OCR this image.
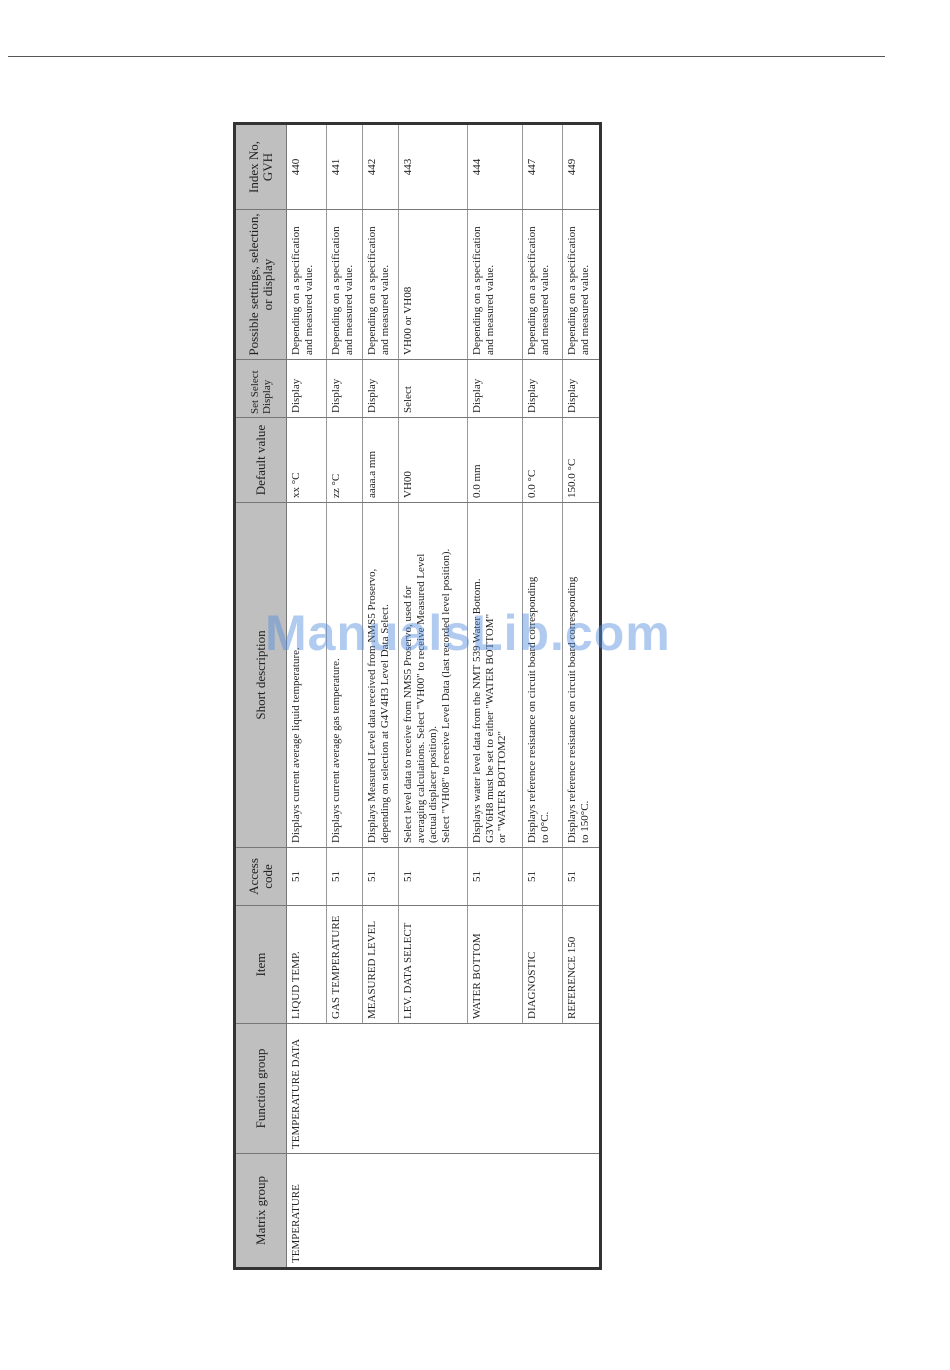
Matrix group	Function group	Item	Access code	Short description	Default value	Set Select Display	Possible settings, selection, or display	Index No, GVH
TEMPERATURE	TEMPERATURE DATA	LIQUD TEMP.	51	Displays current average liquid temperature.	xx °C	Display	Depending on a specification and measured value.	440
		GAS TEMPERATURE	51	Displays current average gas temperature.	zz °C	Display	Depending on a specification and measured value.	441
		MEASURED LEVEL	51	Displays Measured Level data received from NMS5 Proservo, depending on selection at G4V4H3 Level Data Select.	aaaa.a mm	Display	Depending on a specification and measured value.	442
		LEV. DATA SELECT	51	Select level data to receive from NMS5 Proservo, used for averaging calculations. Select "VH00" to receive Measured Level (actual displacer position). Select "VH08" to receive Level Data (last recorded level position).	VH00	Select	VH00 or VH08	443
		WATER BOTTOM	51	Displays water level data from the NMT 539 Water Bottom. G3V6H8 must be set to either "WATER BOTTOM" or "WATER BOTTOM2"	0.0 mm	Display	Depending on a specification and measured value.	444
		DIAGNOSTIC	51	Displays reference resistance on circuit board corresponding to 0°C.	0.0 °C	Display	Depending on a specification and measured value.	447
		REFERENCE 150	51	Displays reference resistance on circuit board corresponding to 150°C.	150.0 °C	Display	Depending on a specification and measured value.	449
ManualsLib.com
